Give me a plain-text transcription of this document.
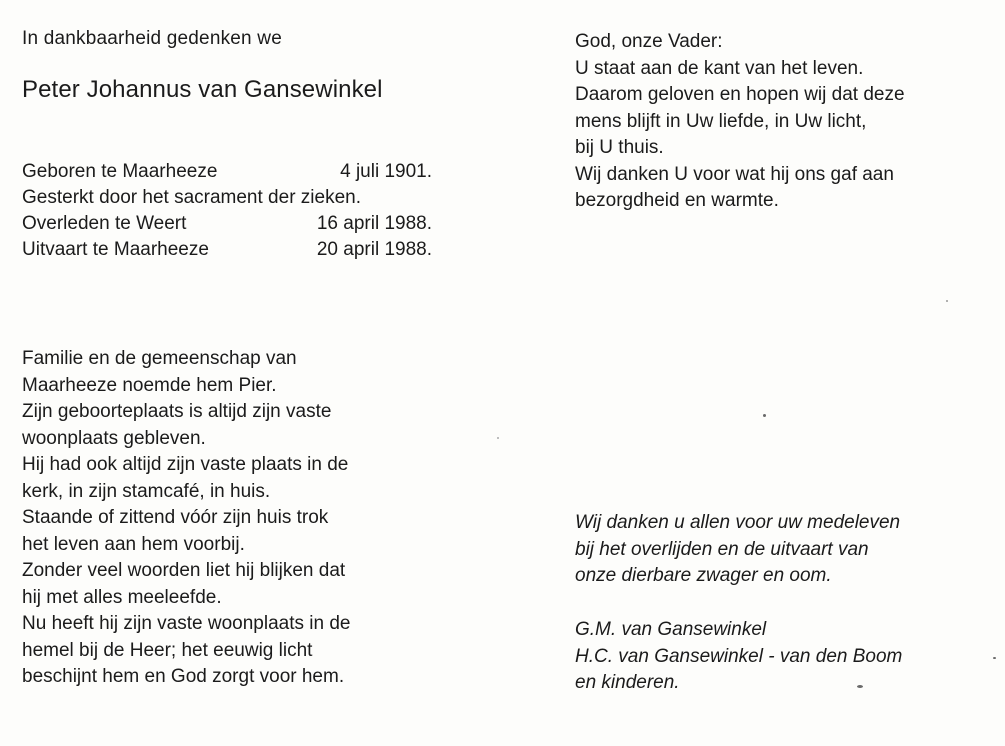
In dankbaarheid gedenken we
Peter Johannus van Gansewinkel
Geboren te Maarheeze	4 juli 1901.
Gesterkt door het sacrament der zieken.
Overleden te Weert	16 april 1988.
Uitvaart te Maarheeze	20 april 1988.
Familie en de gemeenschap van
Maarheeze noemde hem Pier.
Zijn geboorteplaats is altijd zijn vaste
woonplaats gebleven.
Hij had ook altijd zijn vaste plaats in de
kerk, in zijn stamcafé, in huis.
Staande of zittend vóór zijn huis trok
het leven aan hem voorbij.
Zonder veel woorden liet hij blijken dat
hij met alles meeleefde.
Nu heeft hij zijn vaste woonplaats in de
hemel bij de Heer; het eeuwig licht
beschijnt hem en God zorgt voor hem.
God, onze Vader:
U staat aan de kant van het leven.
Daarom geloven en hopen wij dat deze
mens blijft in Uw liefde, in Uw licht,
bij U thuis.
Wij danken U voor wat hij ons gaf aan
bezorgdheid en warmte.
Wij danken u allen voor uw medeleven
bij het overlijden en de uitvaart van
onze dierbare zwager en oom.
G.M. van Gansewinkel
H.C. van Gansewinkel - van den Boom
en kinderen.
